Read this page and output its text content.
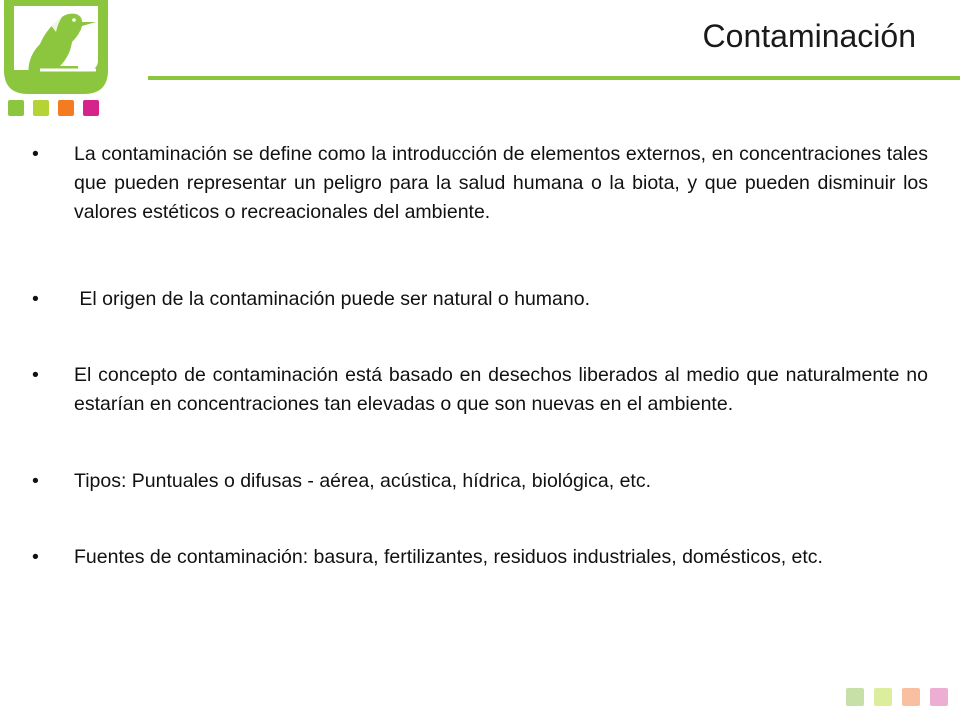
Contaminación
• La contaminación se define como la introducción de elementos externos, en concentraciones tales que pueden representar un peligro para la salud humana o la biota, y que pueden disminuir los valores estéticos o recreacionales del ambiente.
• El origen de la contaminación puede ser natural o humano.
• El concepto de contaminación está basado en desechos liberados al medio que naturalmente no estarían en concentraciones tan elevadas o que son nuevas en el ambiente.
• Tipos: Puntuales o difusas - aérea, acústica, hídrica, biológica, etc.
• Fuentes de contaminación: basura, fertilizantes, residuos industriales, domésticos, etc.
